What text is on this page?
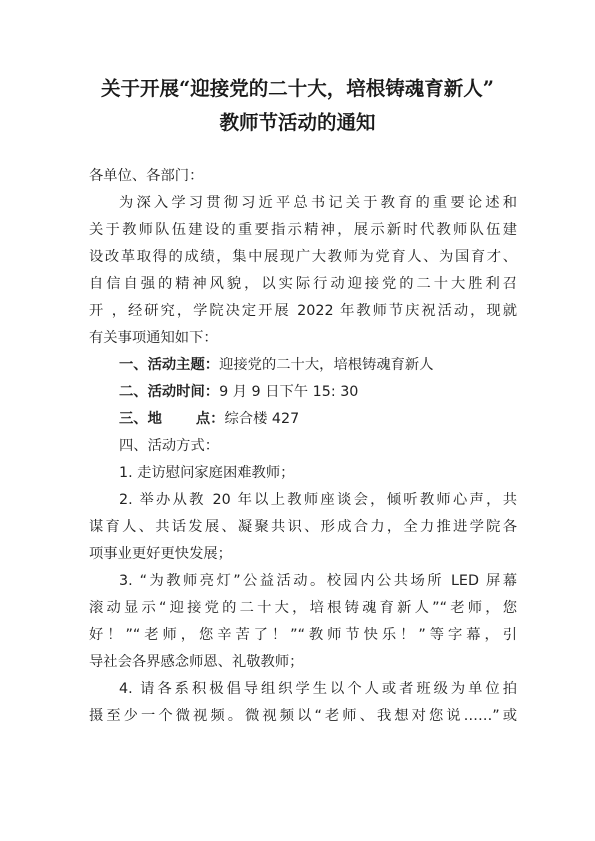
关于开展“迎接党的二十大，培根铸魂育新人”
教师节活动的通知
各单位、各部门：
为深入学习贯彻习近平总书记关于教育的重要论述和
关于教师队伍建设的重要指示精神，展示新时代教师队伍建
设改革取得的成绩，集中展现广大教师为党育人、为国育才、
自信自强的精神风貌，以实际行动迎接党的二十大胜利召
开 ，经研究，学院决定开展 2022 年教师节庆祝活动，现就
有关事项通知如下：
一、活动主题：迎接党的二十大，培根铸魂育新人
二、活动时间：9 月 9 日下午 15: 30
三、地 点：综合楼 427
四、活动方式：
1. 走访慰问家庭困难教师；
2. 举办从教 20 年以上教师座谈会，倾听教师心声，共
谋育人、共话发展、凝聚共识、形成合力，全力推进学院各
项事业更好更快发展；
3. “为教师亮灯”公益活动。校园内公共场所 LED 屏幕
滚动显示“迎接党的二十大，培根铸魂育新人”“老师，您
好！”“老师，您辛苦了！”“教师节快乐！”等字幕，引
导社会各界感念师恩、礼敬教师；
4. 请各系积极倡导组织学生以个人或者班级为单位拍
摄至少一个微视频。微视频以“老师、我想对您说……”或
